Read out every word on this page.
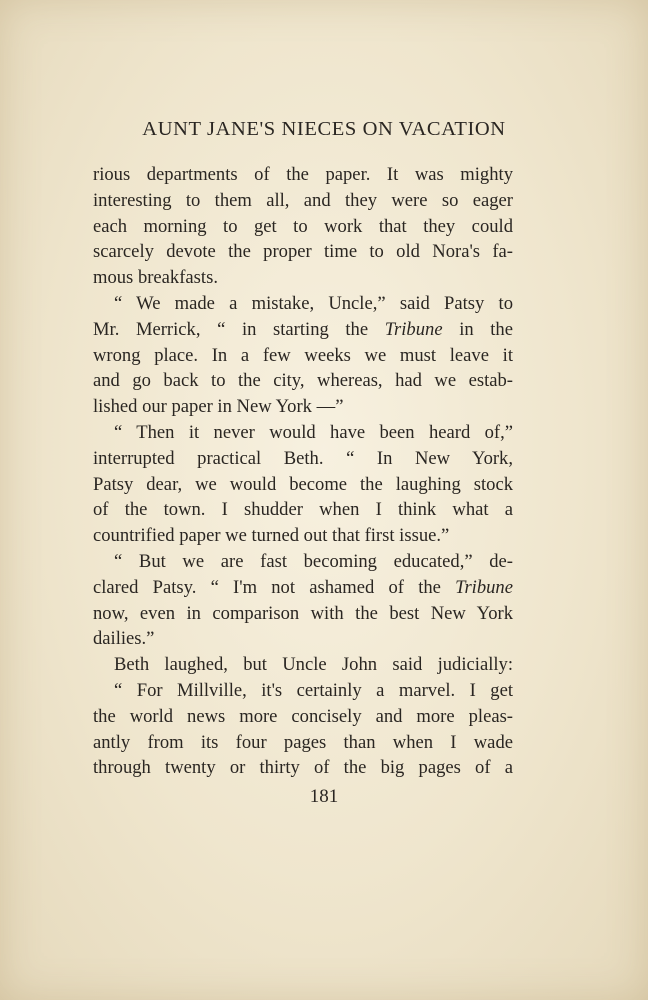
AUNT JANE'S NIECES ON VACATION
rious departments of the paper. It was mighty
interesting to them all, and they were so eager
each morning to get to work that they could
scarcely devote the proper time to old Nora's fa-
mous breakfasts.
“ We made a mistake, Uncle,” said Patsy to
Mr. Merrick, “ in starting the Tribune in the
wrong place. In a few weeks we must leave it
and go back to the city, whereas, had we estab-
lished our paper in New York —”
“ Then it never would have been heard of,”
interrupted practical Beth. “ In New York,
Patsy dear, we would become the laughing stock
of the town. I shudder when I think what a
countrified paper we turned out that first issue.”
“ But we are fast becoming educated,” de-
clared Patsy. “ I'm not ashamed of the Tribune
now, even in comparison with the best New York
dailies.”
Beth laughed, but Uncle John said judicially:
“ For Millville, it's certainly a marvel. I get
the world news more concisely and more pleas-
antly from its four pages than when I wade
through twenty or thirty of the big pages of a
181
